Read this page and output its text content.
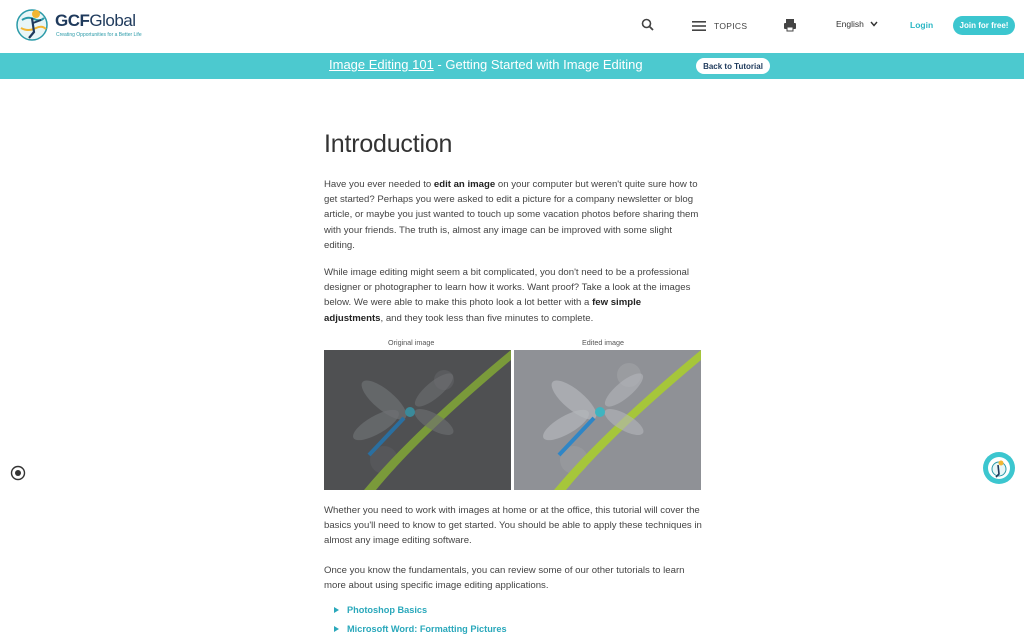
GCFGlobal
Creating Opportunities for a Better Life
TOPICS	English	Login	Join for free!
Image Editing 101 - Getting Started with Image Editing	Back to Tutorial
Introduction

Have you ever needed to edit an image on your computer but weren't quite sure how to get started? Perhaps you were asked to edit a picture for a company newsletter or blog article, or maybe you just wanted to touch up some vacation photos before sharing them with your friends. The truth is, almost any image can be improved with some slight editing.

While image editing might seem a bit complicated, you don't need to be a professional designer or photographer to learn how it works. Want proof? Take a look at the images below. We were able to make this photo look a lot better with a few simple adjustments, and they took less than five minutes to complete.

Original image	Edited image

Whether you need to work with images at home or at the office, this tutorial will cover the basics you'll need to know to get started. You should be able to apply these techniques in almost any image editing software.

Once you know the fundamentals, you can review some of our other tutorials to learn more about using specific image editing applications.

Photoshop Basics
Microsoft Word: Formatting Pictures
